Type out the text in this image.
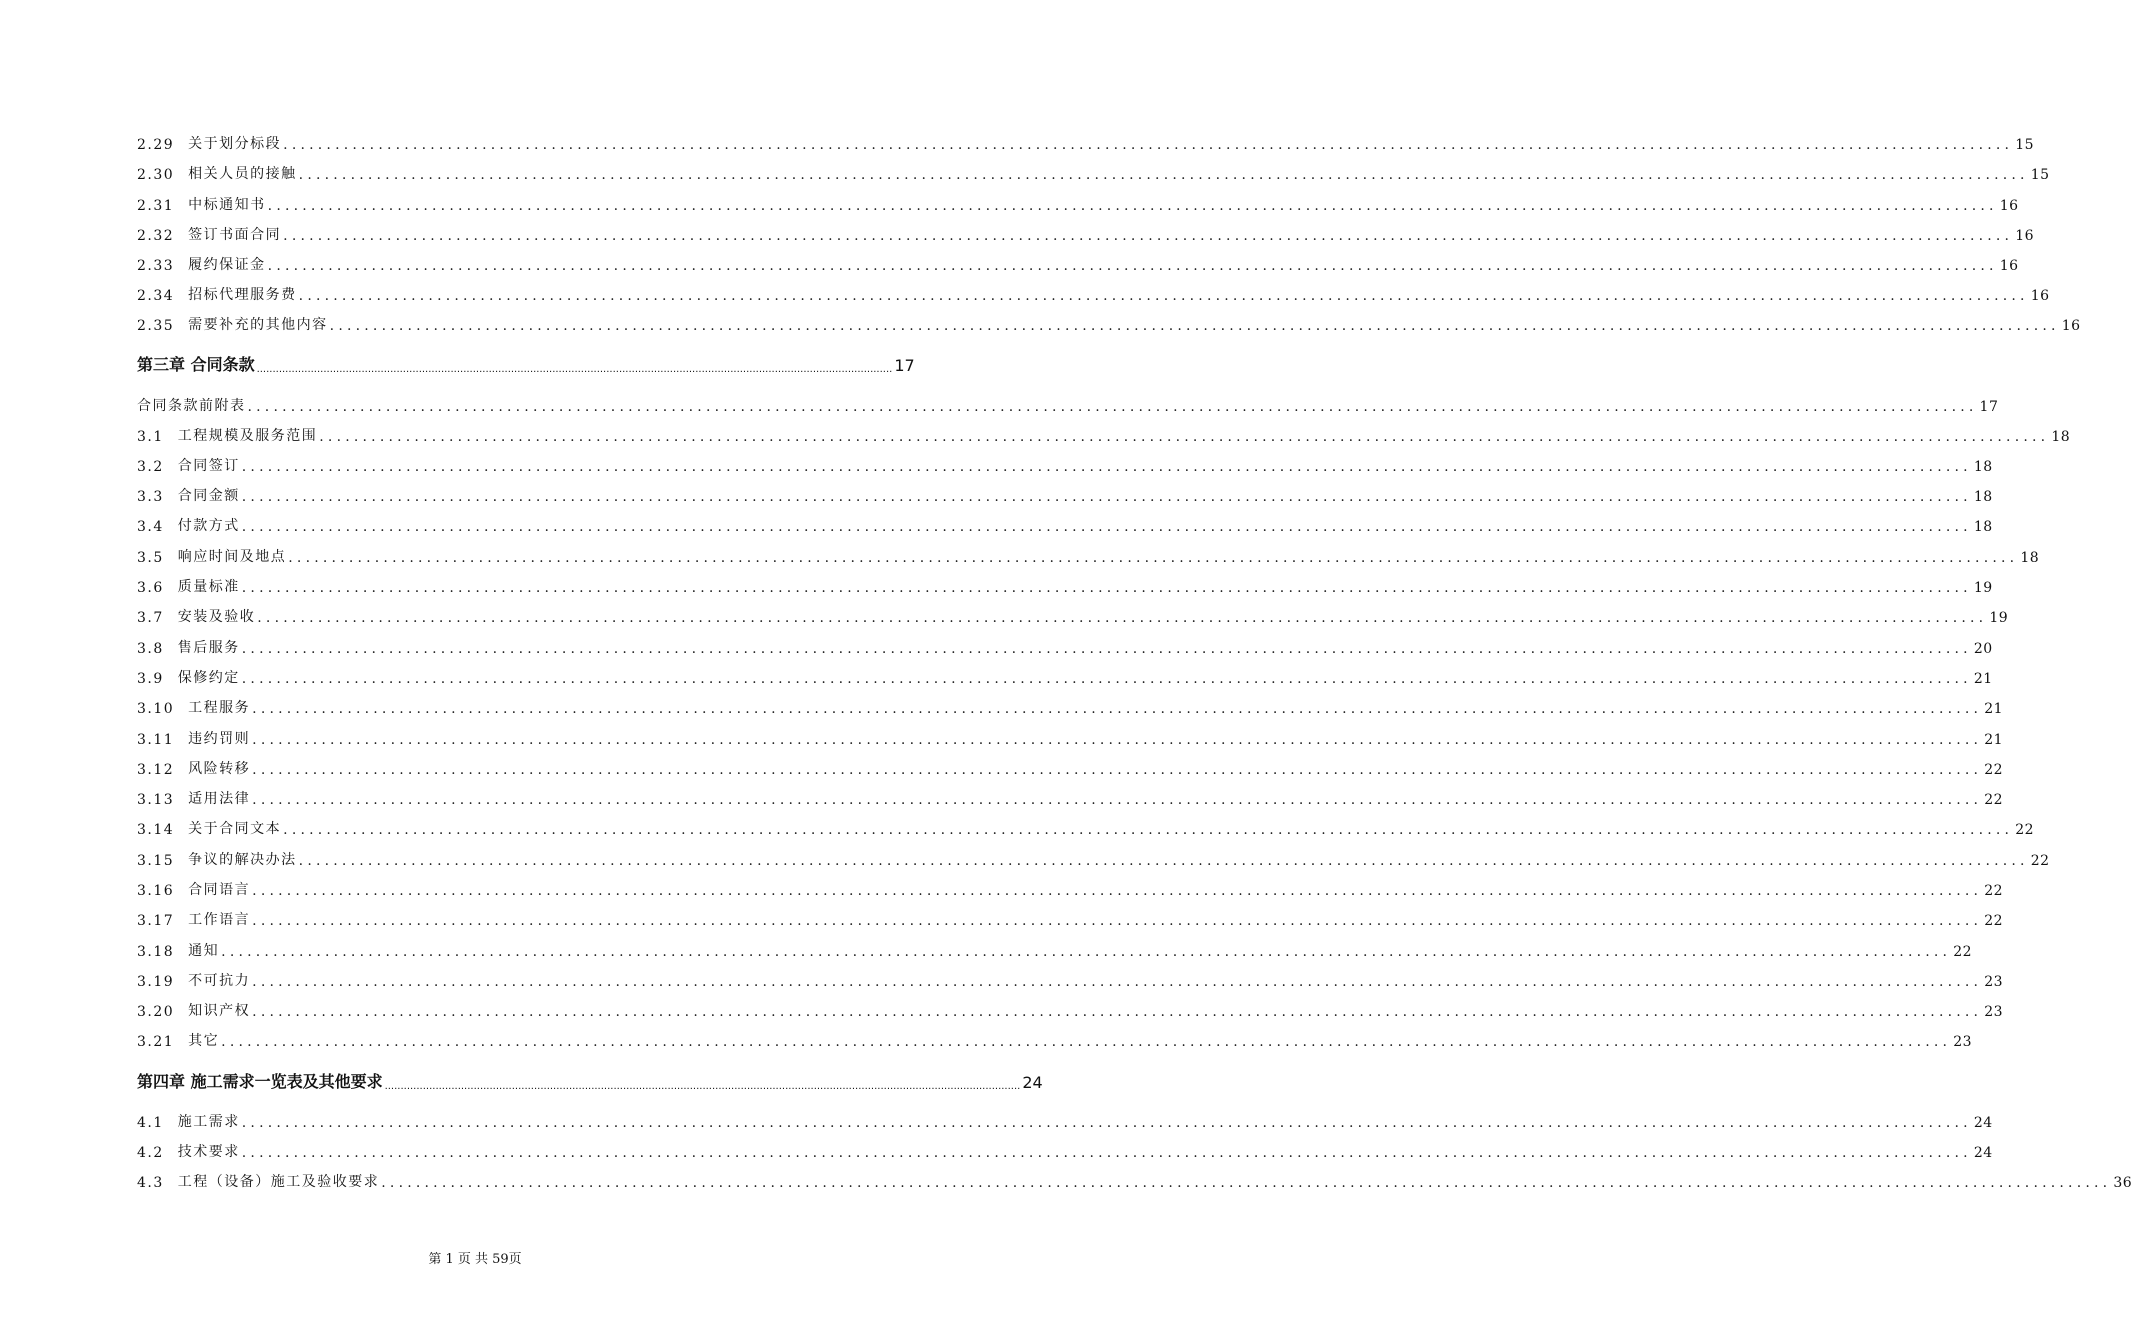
2.29 关于划分标段 ........................................................................................................................................................................................................ 15
2.30 相关人员的接触 ........................................................................................................................................................................................................ 15
2.31 中标通知书 ........................................................................................................................................................................................................ 16
2.32 签订书面合同 ........................................................................................................................................................................................................ 16
2.33 履约保证金 ........................................................................................................................................................................................................ 16
2.34 招标代理服务费 ........................................................................................................................................................................................................ 16
2.35 需要补充的其他内容 ........................................................................................................................................................................................................ 16
第三章 合同条款 ........................................................................................................................................................................................................ 17
合同条款前附表 ........................................................................................................................................................................................................ 17
3.1 工程规模及服务范围 ........................................................................................................................................................................................................ 18
3.2 合同签订 ........................................................................................................................................................................................................ 18
3.3 合同金额 ........................................................................................................................................................................................................ 18
3.4 付款方式 ........................................................................................................................................................................................................ 18
3.5 响应时间及地点 ........................................................................................................................................................................................................ 18
3.6 质量标准 ........................................................................................................................................................................................................ 19
3.7 安装及验收 ........................................................................................................................................................................................................ 19
3.8 售后服务 ........................................................................................................................................................................................................ 20
3.9 保修约定 ........................................................................................................................................................................................................ 21
3.10 工程服务 ........................................................................................................................................................................................................ 21
3.11 违约罚则 ........................................................................................................................................................................................................ 21
3.12 风险转移 ........................................................................................................................................................................................................ 22
3.13 适用法律 ........................................................................................................................................................................................................ 22
3.14 关于合同文本 ........................................................................................................................................................................................................ 22
3.15 争议的解决办法 ........................................................................................................................................................................................................ 22
3.16 合同语言 ........................................................................................................................................................................................................ 22
3.17 工作语言 ........................................................................................................................................................................................................ 22
3.18 通知 ........................................................................................................................................................................................................ 22
3.19 不可抗力 ........................................................................................................................................................................................................ 23
3.20 知识产权 ........................................................................................................................................................................................................ 23
3.21 其它 ........................................................................................................................................................................................................ 23
第四章 施工需求一览表及其他要求 ........................................................................................................................................................................................................ 24
4.1 施工需求 ........................................................................................................................................................................................................ 24
4.2 技术要求 ........................................................................................................................................................................................................ 24
4.3 工程（设备）施工及验收要求 ........................................................................................................................................................................................................ 36
第 1 页 共 59页
